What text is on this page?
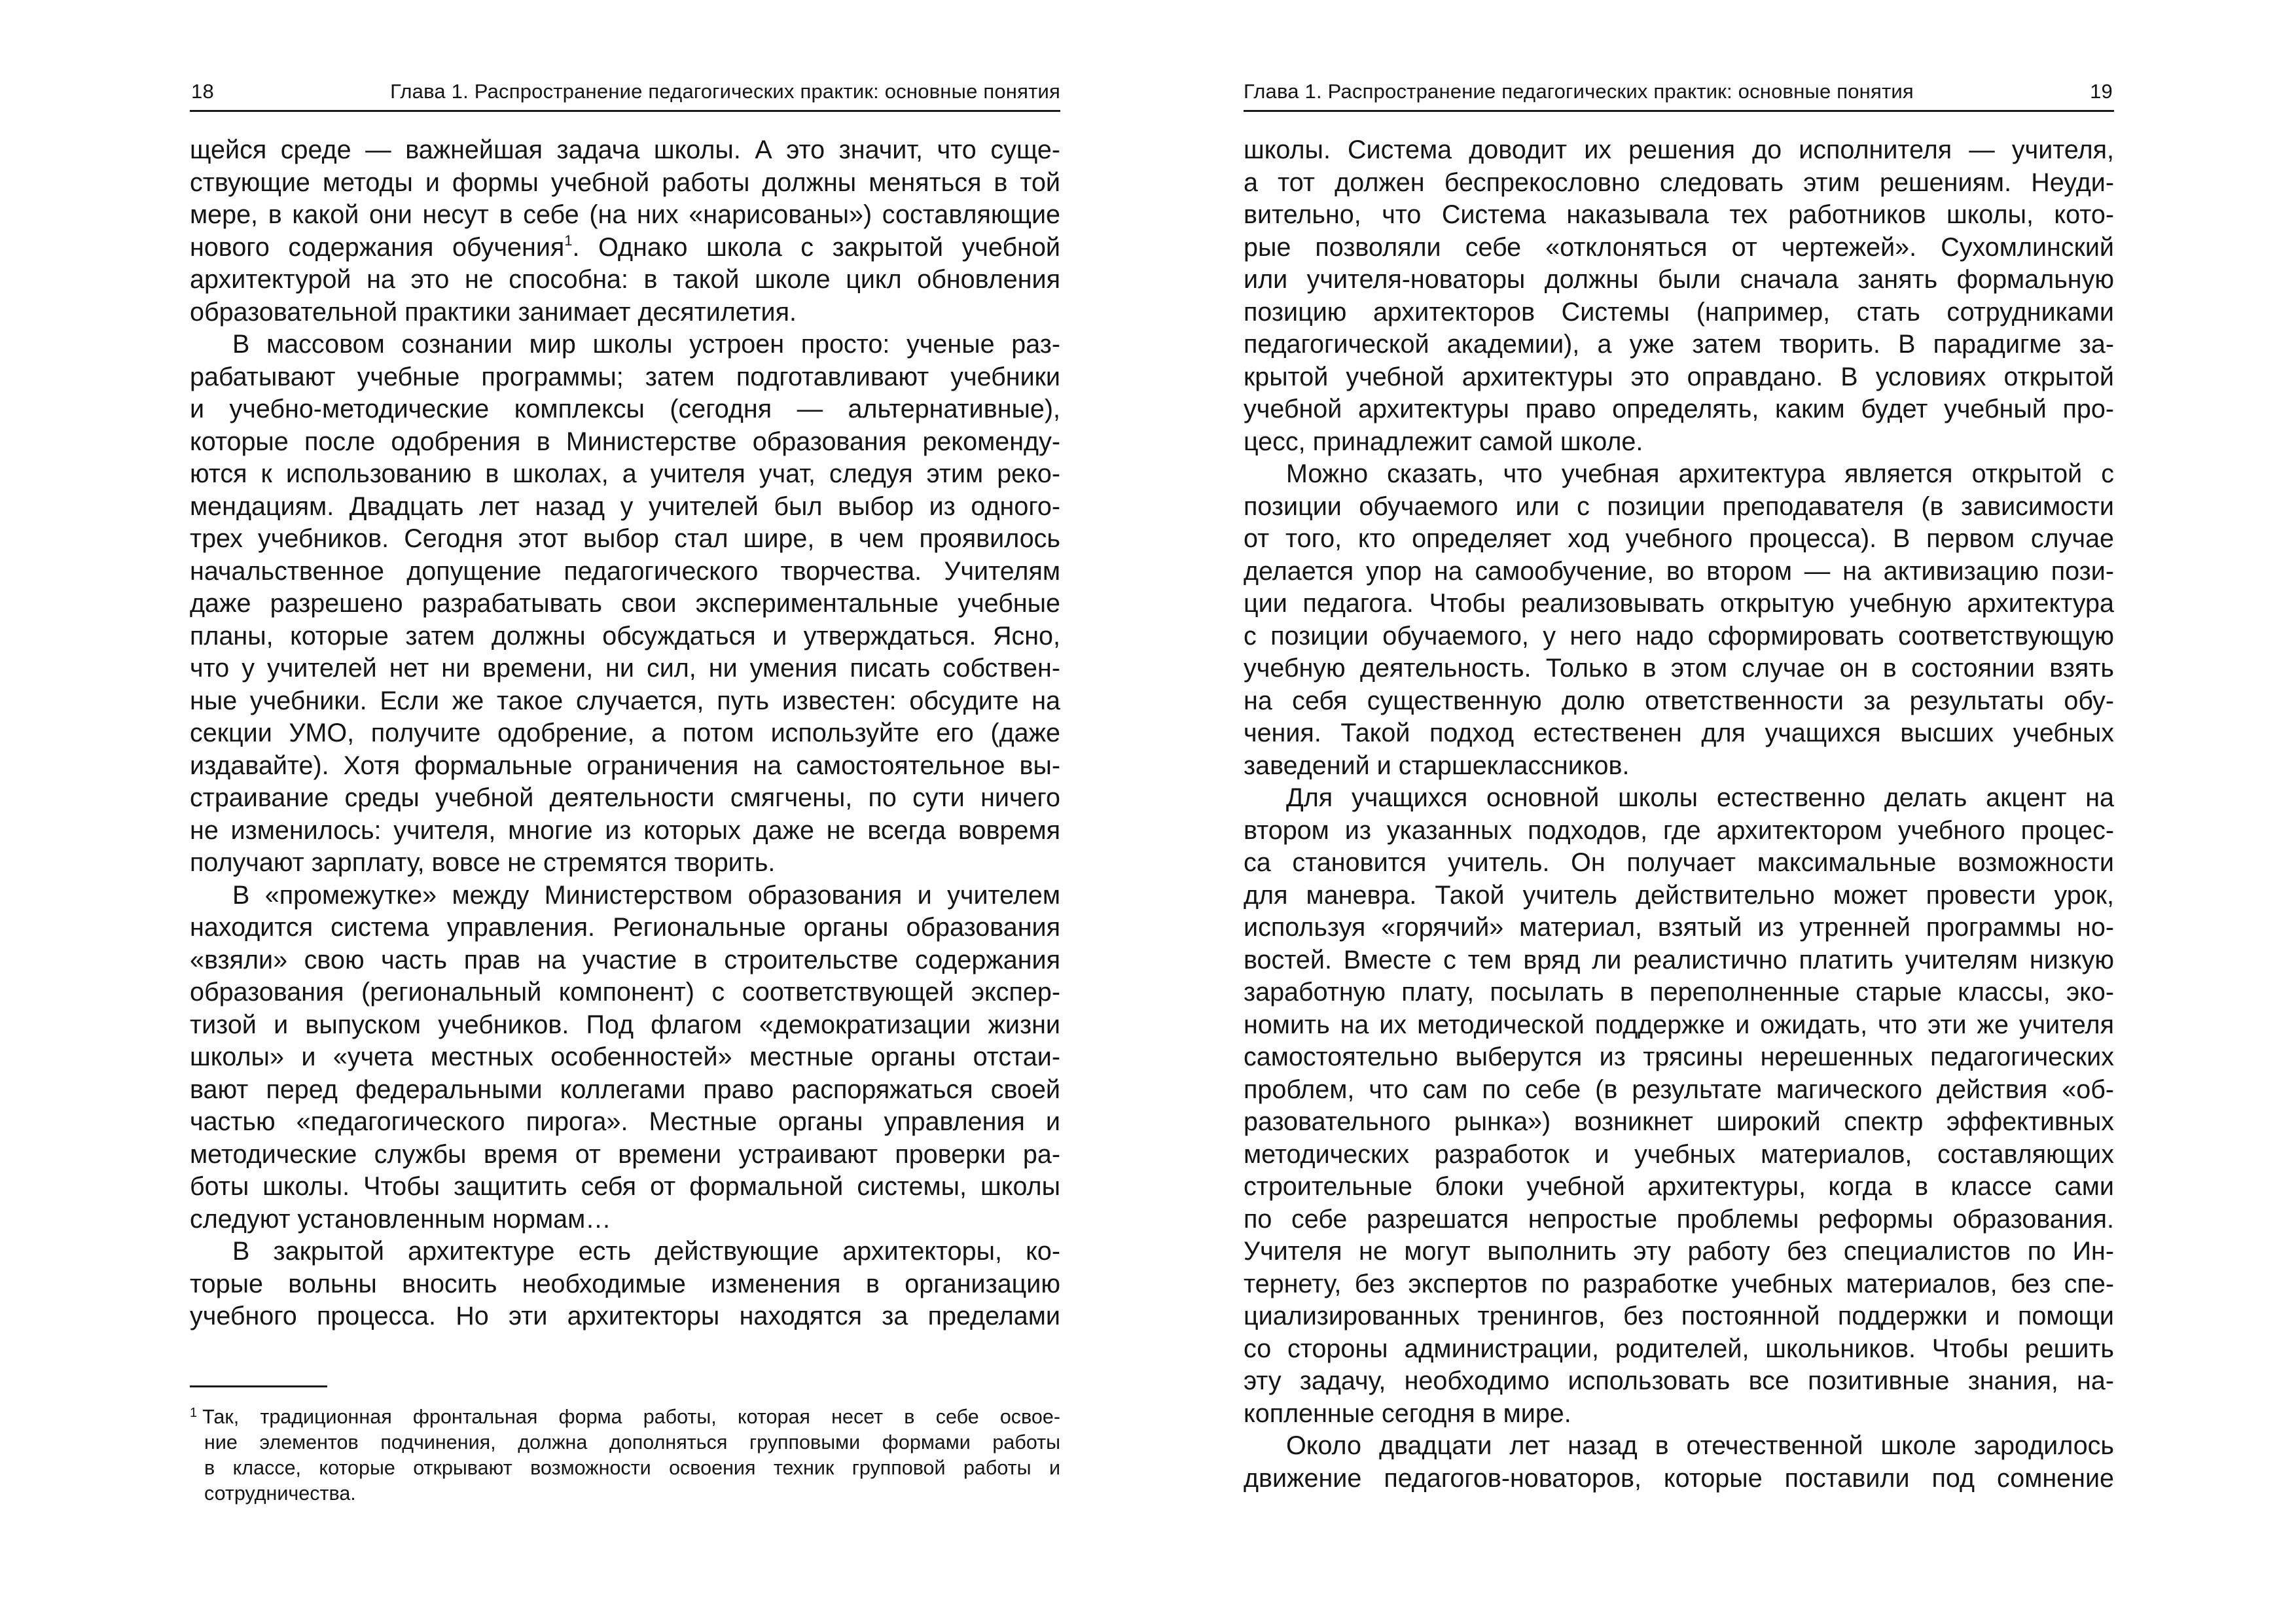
18	Глава 1. Распространение педагогических практик: основные понятия
щейся среде — важнейшая задача школы. А это значит, что суще-
ствующие методы и формы учебной работы должны меняться в той
мере, в какой они несут в себе (на них «нарисованы») составляющие
нового содержания обучения$^1$. Однако школа с закрытой учебной
архитектурой на это не способна: в такой школе цикл обновления
образовательной практики занимает десятилетия.
В массовом сознании мир школы устроен просто: ученые раз-
рабатывают учебные программы; затем подготавливают учебники
и учебно-методические комплексы (сегодня — альтернативные),
которые после одобрения в Министерстве образования рекоменду-
ются к использованию в школах, а учителя учат, следуя этим реко-
мендациям. Двадцать лет назад у учителей был выбор из одного-
трех учебников. Сегодня этот выбор стал шире, в чем проявилось
начальственное допущение педагогического творчества. Учителям
даже разрешено разрабатывать свои экспериментальные учебные
планы, которые затем должны обсуждаться и утверждаться. Ясно,
что у учителей нет ни времени, ни сил, ни умения писать собствен-
ные учебники. Если же такое случается, путь известен: обсудите на
секции УМО, получите одобрение, а потом используйте его (даже
издавайте). Хотя формальные ограничения на самостоятельное вы-
страивание среды учебной деятельности смягчены, по сути ничего
не изменилось: учителя, многие из которых даже не всегда вовремя
получают зарплату, вовсе не стремятся творить.
В «промежутке» между Министерством образования и учителем
находится система управления. Региональные органы образования
«взяли» свою часть прав на участие в строительстве содержания
образования (региональный компонент) с соответствующей экспер-
тизой и выпуском учебников. Под флагом «демократизации жизни
школы» и «учета местных особенностей» местные органы отстаи-
вают перед федеральными коллегами право распоряжаться своей
частью «педагогического пирога». Местные органы управления и
методические службы время от времени устраивают проверки ра-
боты школы. Чтобы защитить себя от формальной системы, школы
следуют установленным нормам…
В закрытой архитектуре есть действующие архитекторы, ко-
торые вольны вносить необходимые изменения в организацию
учебного процесса. Но эти архитекторы находятся за пределами
$^1$ Так, традиционная фронтальная форма работы, которая несет в себе освое-
ние элементов подчинения, должна дополняться групповыми формами работы
в классе, которые открывают возможности освоения техник групповой работы и
сотрудничества.
Глава 1. Распространение педагогических практик: основные понятия	19
школы. Система доводит их решения до исполнителя — учителя,
а тот должен беспрекословно следовать этим решениям. Неуди-
вительно, что Система наказывала тех работников школы, кото-
рые позволяли себе «отклоняться от чертежей». Сухомлинский
или учителя-новаторы должны были сначала занять формальную
позицию архитекторов Системы (например, стать сотрудниками
педагогической академии), а уже затем творить. В парадигме за-
крытой учебной архитектуры это оправдано. В условиях открытой
учебной архитектуры право определять, каким будет учебный про-
цесс, принадлежит самой школе.
Можно сказать, что учебная архитектура является открытой с
позиции обучаемого или с позиции преподавателя (в зависимости
от того, кто определяет ход учебного процесса). В первом случае
делается упор на самообучение, во втором — на активизацию пози-
ции педагога. Чтобы реализовывать открытую учебную архитектура
с позиции обучаемого, у него надо сформировать соответствующую
учебную деятельность. Только в этом случае он в состоянии взять
на себя существенную долю ответственности за результаты обу-
чения. Такой подход естественен для учащихся высших учебных
заведений и старшеклассников.
Для учащихся основной школы естественно делать акцент на
втором из указанных подходов, где архитектором учебного процес-
са становится учитель. Он получает максимальные возможности
для маневра. Такой учитель действительно может провести урок,
используя «горячий» материал, взятый из утренней программы но-
востей. Вместе с тем вряд ли реалистично платить учителям низкую
заработную плату, посылать в переполненные старые классы, эко-
номить на их методической поддержке и ожидать, что эти же учителя
самостоятельно выберутся из трясины нерешенных педагогических
проблем, что сам по себе (в результате магического действия «об-
разовательного рынка») возникнет широкий спектр эффективных
методических разработок и учебных материалов, составляющих
строительные блоки учебной архитектуры, когда в классе сами
по себе разрешатся непростые проблемы реформы образования.
Учителя не могут выполнить эту работу без специалистов по Ин-
тернету, без экспертов по разработке учебных материалов, без спе-
циализированных тренингов, без постоянной поддержки и помощи
со стороны администрации, родителей, школьников. Чтобы решить
эту задачу, необходимо использовать все позитивные знания, на-
копленные сегодня в мире.
Около двадцати лет назад в отечественной школе зародилось
движение педагогов-новаторов, которые поставили под сомнение
